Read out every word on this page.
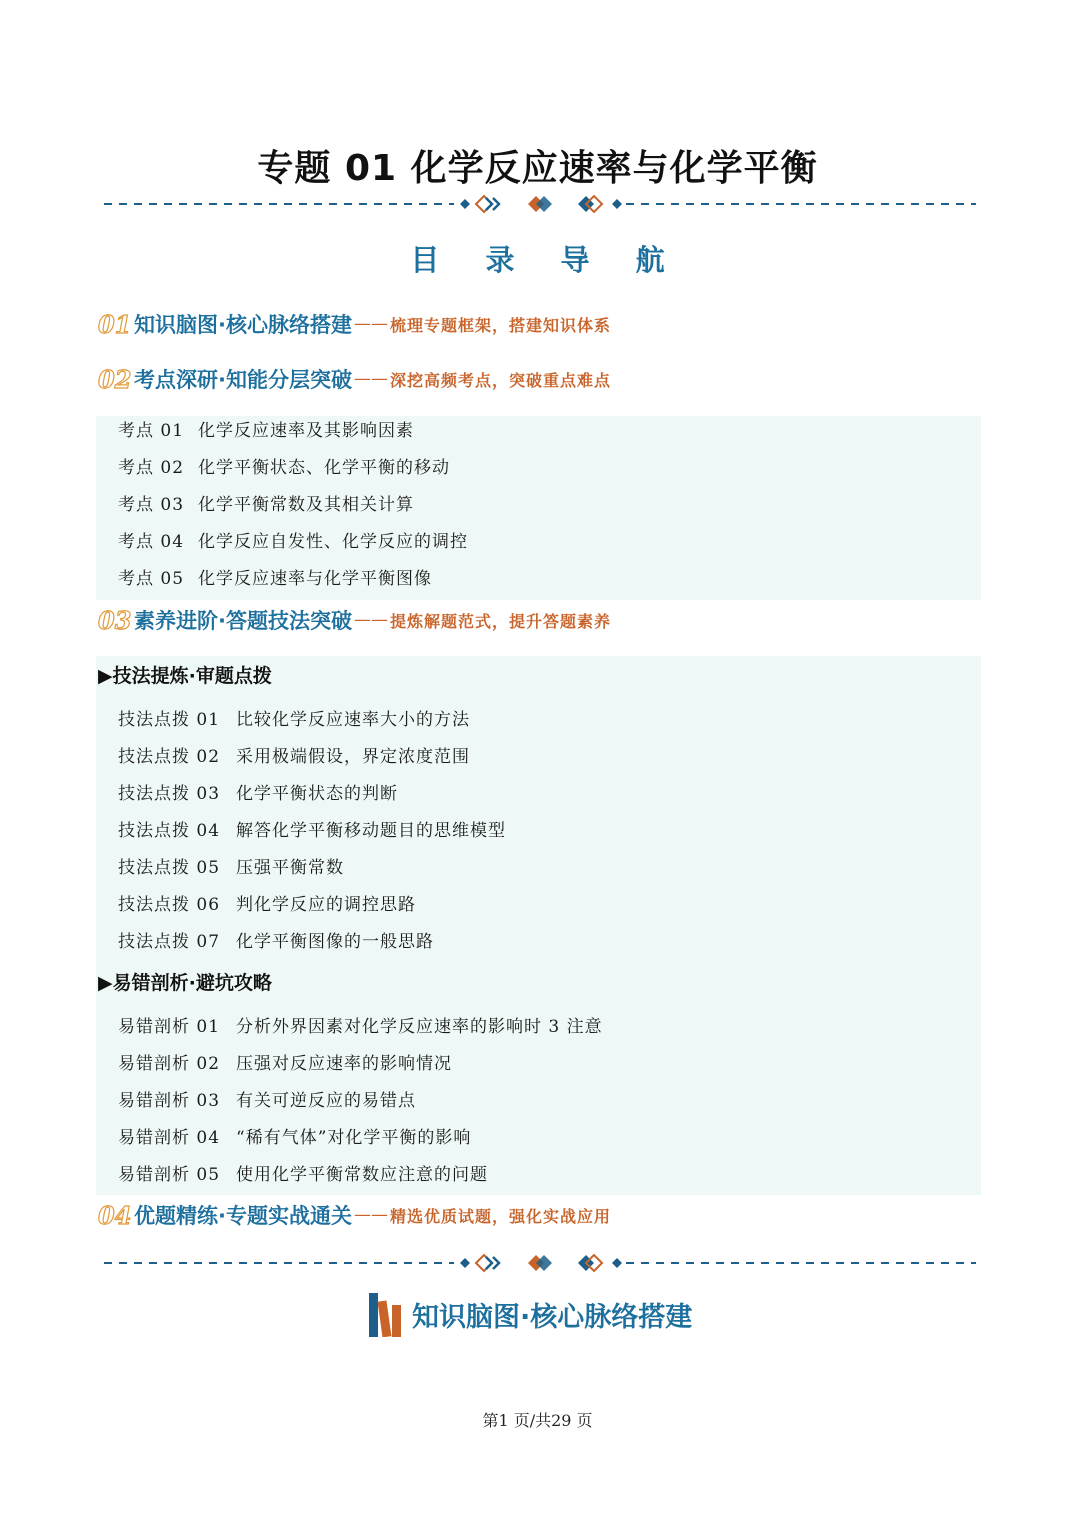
专题 01 化学反应速率与化学平衡
目 录 导 航
01 知识脑图·核心脉络搭建 —— 梳理专题框架，搭建知识体系
02 考点深研·知能分层突破 —— 深挖高频考点，突破重点难点
考点 01 化学反应速率及其影响因素
考点 02 化学平衡状态、化学平衡的移动
考点 03 化学平衡常数及其相关计算
考点 04 化学反应自发性、化学反应的调控
考点 05 化学反应速率与化学平衡图像
03 素养进阶·答题技法突破 —— 提炼解题范式，提升答题素养
▶技法提炼·审题点拨
技法点拨 01 比较化学反应速率大小的方法
技法点拨 02 采用极端假设，界定浓度范围
技法点拨 03 化学平衡状态的判断
技法点拨 04 解答化学平衡移动题目的思维模型
技法点拨 05 压强平衡常数
技法点拨 06 判化学反应的调控思路
技法点拨 07 化学平衡图像的一般思路
▶易错剖析·避坑攻略
易错剖析 01 分析外界因素对化学反应速率的影响时 3 注意
易错剖析 02 压强对反应速率的影响情况
易错剖析 03 有关可逆反应的易错点
易错剖析 04 “稀有气体”对化学平衡的影响
易错剖析 05 使用化学平衡常数应注意的问题
04 优题精练·专题实战通关 —— 精选优质试题，强化实战应用
知识脑图·核心脉络搭建
第1 页/共29 页
